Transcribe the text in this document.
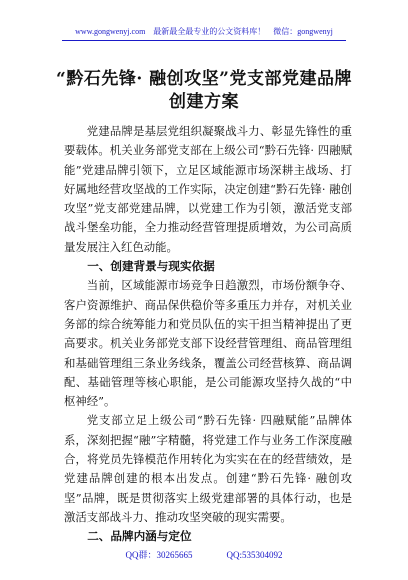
www.gongwenyj.com　最新最全最专业的公文资料库！　微信：gongwenyj
“黔石先锋· 融创攻坚”党支部党建品牌
创建方案

党建品牌是基层党组织凝聚战斗力、彰显先锋性的重要载体。机关业务部党支部在上级公司“黔石先锋· 四融赋能”党建品牌引领下，立足区域能源市场深耕主战场、打好属地经营攻坚战的工作实际，决定创建“黔石先锋· 融创攻坚”党支部党建品牌，以党建工作为引领，激活党支部战斗堡垒功能，全力推动经营管理提质增效，为公司高质量发展注入红色动能。

一、创建背景与现实依据

当前，区域能源市场竞争日趋激烈，市场份额争夺、客户资源维护、商品保供稳价等多重压力并存，对机关业务部的综合统筹能力和党员队伍的实干担当精神提出了更高要求。机关业务部党支部下设经营管理组、商品管理组和基础管理组三条业务线条，覆盖公司经营核算、商品调配、基础管理等核心职能，是公司能源攻坚持久战的“中枢神经”。

党支部立足上级公司“黔石先锋· 四融赋能”品牌体系，深刻把握“融”字精髓，将党建工作与业务工作深度融合，将党员先锋模范作用转化为实实在在的经营绩效，是党建品牌创建的根本出发点。创建“黔石先锋· 融创攻坚”品牌，既是贯彻落实上级党建部署的具体行动，也是激活支部战斗力、推动攻坚突破的现实需要。

二、品牌内涵与定位
QQ群：30265665	QQ:535304092
